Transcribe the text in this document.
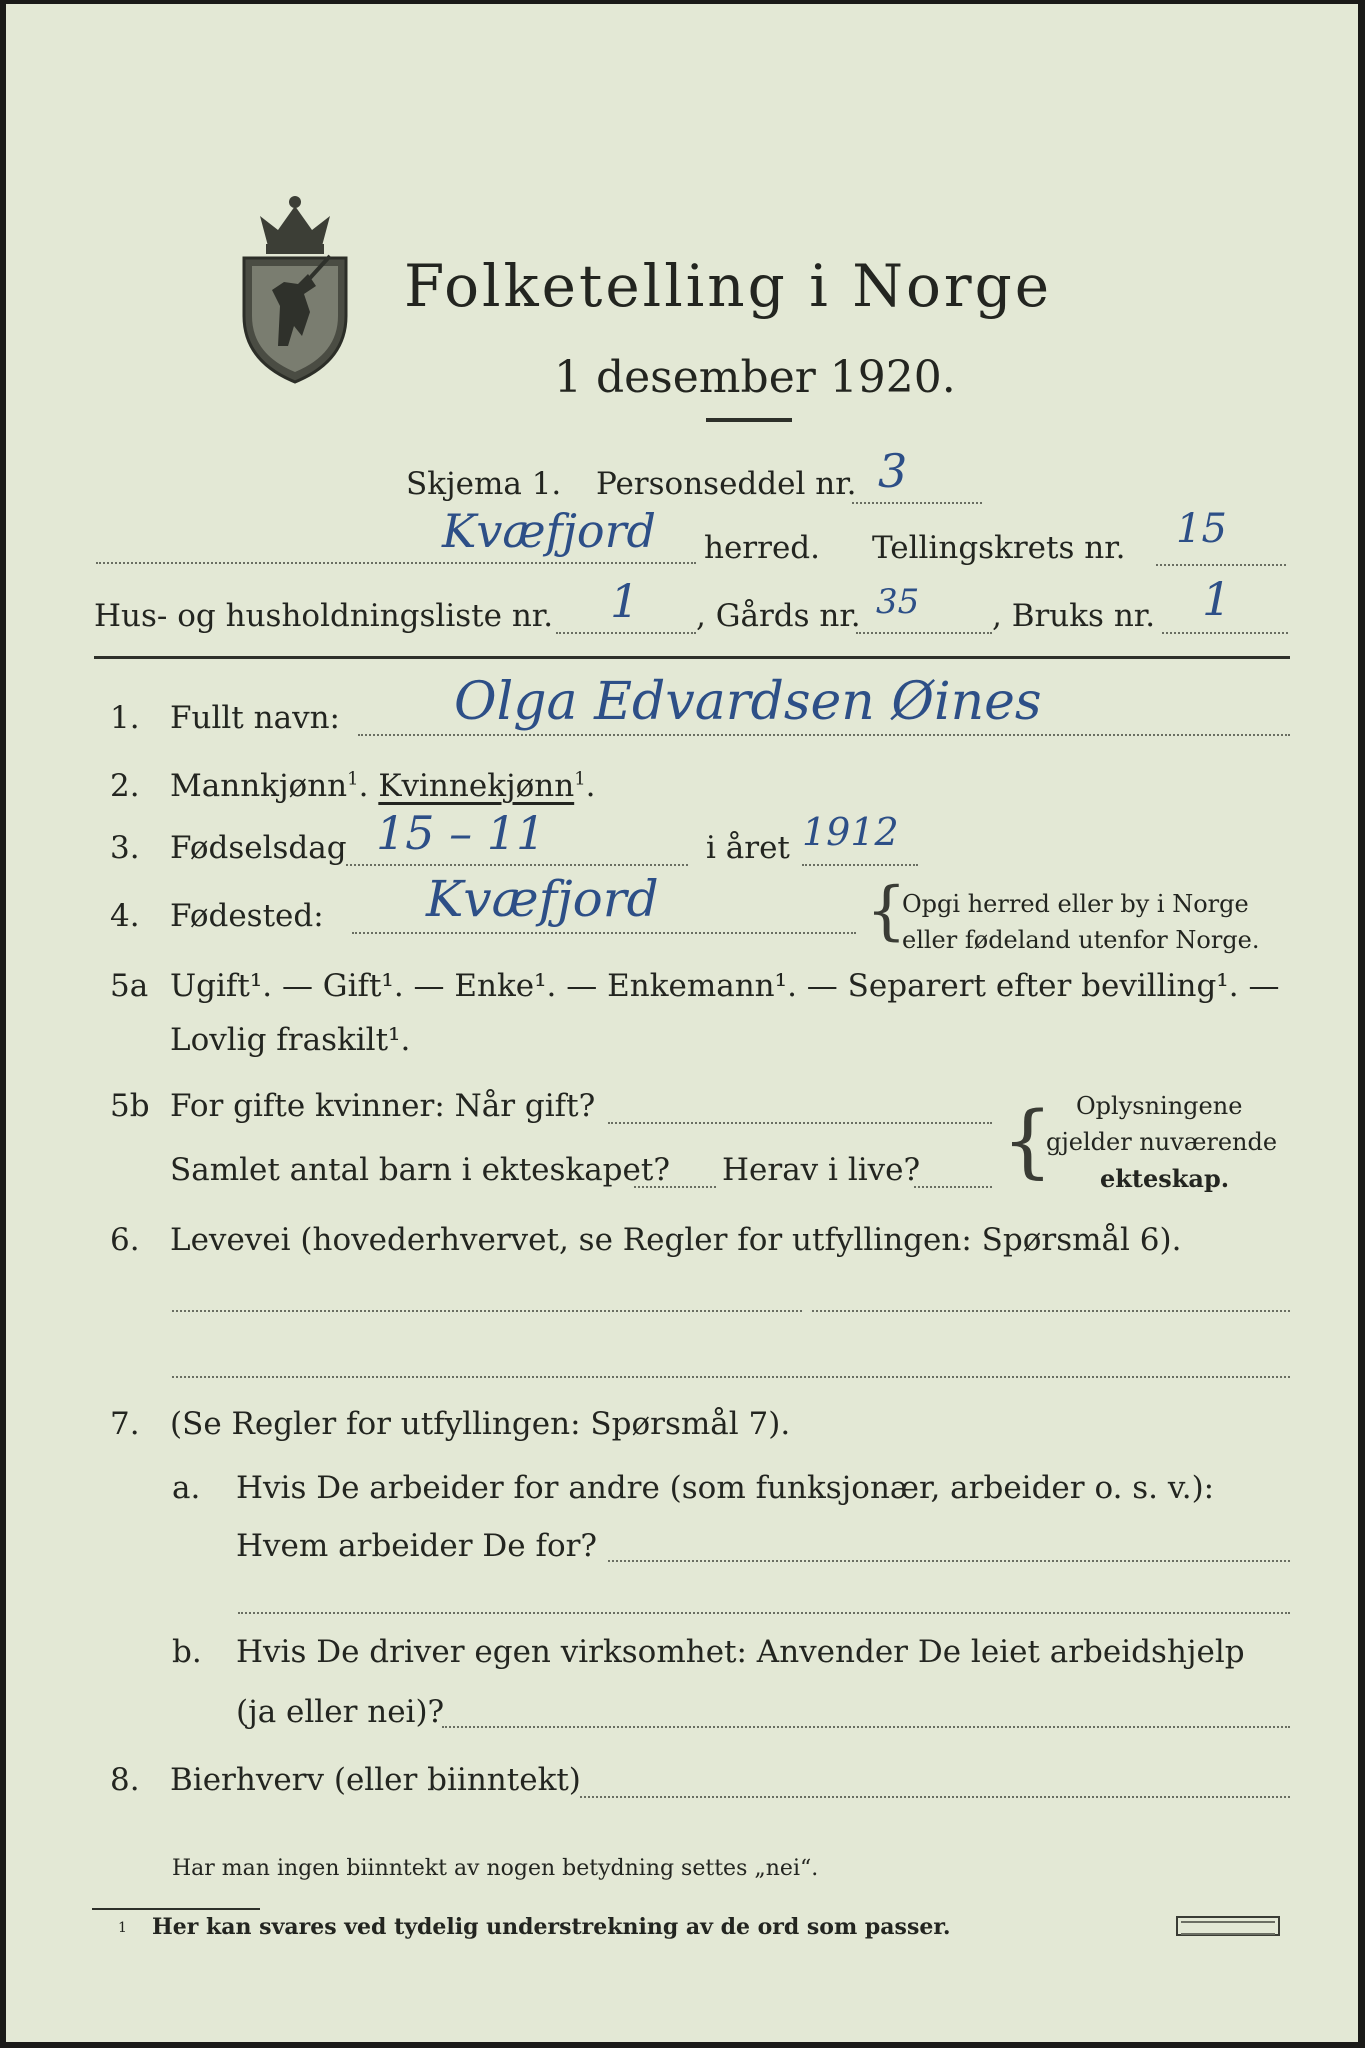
Folketelling i Norge
1 desember 1920.
Skjema 1. Personseddel nr. 3
Kvæfjord herred. Tellingskrets nr. 15
Hus- og husholdningsliste nr. 1 , Gårds nr. 35 , Bruks nr. 1
1. Fullt navn: Olga Edvardsen Øines
2. Mannkjønn$^1$. Kvinnekjønn$^1$.
3. Fødselsdag 15 – 11	i året 1912
4. Fødested: Kvæfjord	{
Opgi herred eller by i Norge
eller fødeland utenfor Norge.
5a Ugift¹. — Gift¹. — Enke¹. — Enkemann¹. — Separert efter bevilling¹. —
Lovlig fraskilt¹.
5b For gifte kvinner: Når gift?
Samlet antal barn i ekteskapet? Herav i live? { Oplysningene
gjelder nuværende
ekteskap.
6. Levevei (hovederhvervet, se Regler for utfyllingen: Spørsmål 6).
7. (Se Regler for utfyllingen: Spørsmål 7).
a. Hvis De arbeider for andre (som funksjonær, arbeider o. s. v.):
Hvem arbeider De for?
b. Hvis De driver egen virksomhet: Anvender De leiet arbeidshjelp
(ja eller nei)?
8. Bierhverv (eller biinntekt)
Har man ingen biinntekt av nogen betydning settes „nei“.
1 Her kan svares ved tydelig understrekning av de ord som passer.
